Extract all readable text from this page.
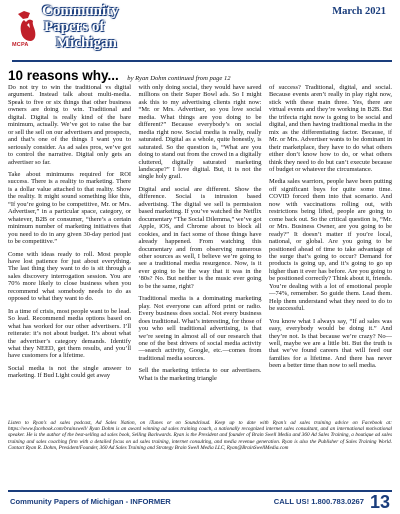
MCPA
Community
Papers of
Michigan
March 2021
10 reasons why... by Ryan Dohm continued from page 12

Do not try to win the traditional vs digital argument. Instead talk about multi-media. Speak to five or six things that other business owners are doing to win. Traditional and digital. Digital is really kind of the bare minimum, actually. We’ve got to raise the bar or sell the sell on our advertisers and prospects, and that’s one of the things I want you to seriously consider. As ad sales pros, we’ve got to control the narrative. Digital only gets an advertiser so far.

Take about minimums required for ROI success. There is a reality to marketing. There is a dollar value attached to that reality. Show the reality. It might sound something like this, “If you’re going to be competitive, Mr. or Mrs. Advertiser,” in a particular space, category, or whatever, B2B or consumer, “there’s a certain minimum number of marketing initiatives that you need to do in any given 30-day period just to be competitive.”

Come with ideas ready to roll. Most people have lost patience for just about everything. The last thing they want to do is sit through a sales discovery interrogation session. You are 70% more likely to close business when you recommend what somebody needs to do as opposed to what they want to do.

In a time of crisis, most people want to be lead. So lead. Recommend media options based on what has worked for our other advertisers. I’ll reiterate: it’s not about budget. It’s about what the advertiser’s category demands. Identify what they NEED, get them results, and you’ll have customers for a lifetime.

Social media is not the single answer to marketing. If Bud Light could get away

with only doing social, they would have saved millions on their Super Bowl ads. So I might ask this to my advertising clients right now: “Mr. or Mrs. Advertiser, so you love social media. What things are you doing to be different?” Because everybody’s on social media right now. Social media is really, really saturated. Digital as a whole, quite honestly, is saturated. So the question is, “What are you doing to stand out from the crowd in a digitally cluttered, digitally saturated marketing landscape?” I love digital. But, it is not the single holy grail.

Digital and social are different. Show the difference. Social is intrusion based advertising. The digital we sell is permission based marketing. If you’ve watched the Netflix documentary “The Social Dilemma,” we’ve got Apple, iOS, and Chrome about to block all cookies, and in fact some of those things have already happened. From watching this documentary and from observing numerous other sources as well, I believe we’re going to see a traditional media resurgence. Now, is it ever going to be the way that it was in the ’80s? No. But neither is the music ever going to be the same, right?

Traditional media is a dominating marketing play. Not everyone can afford print or radio. Every business does social. Not every business does traditional. What’s interesting, for those of you who sell traditional advertising, is that we’re seeing in almost all of our research that one of the best drivers of social media activity—search activity, Google, etc.—comes from traditional media sources.

Sell the marketing trifecta to our advertisers. What is the marketing triangle

of success? Traditional, digital, and social. Because events aren’t really in play right now, stick with these main three. Yes, there are virtual events and they’re working in B2B. But the trifecta right now is going to be social and digital, and then having traditional media in the mix as the differentiating factor. Because, if Mr. or Mrs. Advertiser wants to be dominant in their marketplace, they have to do what others either don’t know how to do, or what others think they need to do but can’t execute because of budget or whatever the circumstance.

Media sales warriors, people have been putting off significant buys for quite some time. COVID forced them into that scenario. And now with vaccinations rolling out, with restrictions being lifted, people are going to come back out. So the critical question is, “Mr. or Mrs. Business Owner, are you going to be ready?” It doesn’t matter if you’re local, national, or global. Are you going to be positioned ahead of time to take advantage of the surge that’s going to occur? Demand for products is going up, and it’s going to go up higher than it ever has before. Are you going to be positioned correctly? Think about it, friends. You’re dealing with a lot of emotional people—74%, remember. So guide them. Lead them. Help them understand what they need to do to be successful.

You know what I always say, “If ad sales was easy, everybody would be doing it.” And they’re not. Is that because we’re crazy? No—well, maybe we are a little bit. But the truth is that we’ve found careers that will feed our families for a lifetime. And there has never been a better time than now to sell media.

Listen to Ryan’s ad sales podcast, Ad Sales Nation, on iTunes or on Soundcloud. Keep up to date with Ryan’s ad sales training advice on Facebook at: https://www.facebook.com/brainswell/ Ryan Dohm is an award winning ad sales training coach, a nationally recognized internet sales consultant, and an international motivational speaker. He is the author of the best-selling ad sales book, Selling Backwards. Ryan is the President and founder of Brain Swell Media and 360 Ad Sales Training, a boutique ad sales training and sales coaching firm with a detailed focus on ad sales training, internet consulting, and media revenue generation. Ryan is also the Publisher of Sales Training World. Contact Ryan R. Dohm, President/Founder, 360 Ad Sales Training and Strategy Brain Swell Media LLC, Ryan@BrainSwellMedia.com
Community Papers of Michigan - INFORMER	CALL US! 1.800.783.0267 13
